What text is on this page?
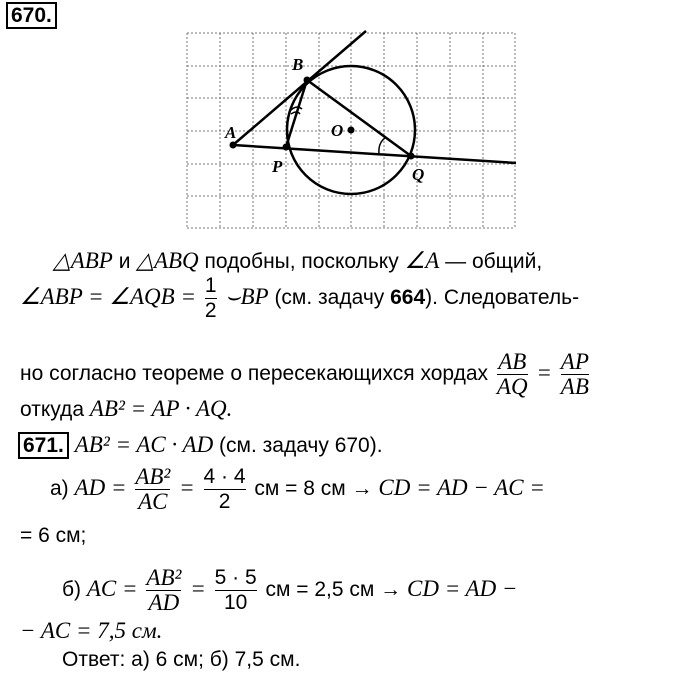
670.
A
B
O
P	Q
△ABP и △ABQ подобны, поскольку ∠A — общий,
∠ABP = ∠AQB = $\frac{1}{2}$ ⌣BP (см. задачу 664). Следователь-
но согласно теореме о пересекающихся хордах $\frac{AB}{AQ} = \frac{AP}{AB}$
откуда AB² = AP · AQ.
671. AB² = AC · AD (см. задачу 670).
а) AD = $\frac{\text{AB²}}{AC} = \frac{4 \cdot 4}{2}$ см = 8 см → CD = AD − AC =
= 6 см;
б) AC = $\frac{\text{AB²}}{AD} = \frac{5 \cdot 5}{10}$ см = 2,5 см → CD = AD −
− AC = 7,5 см.
Ответ: а) 6 см; б) 7,5 см.
